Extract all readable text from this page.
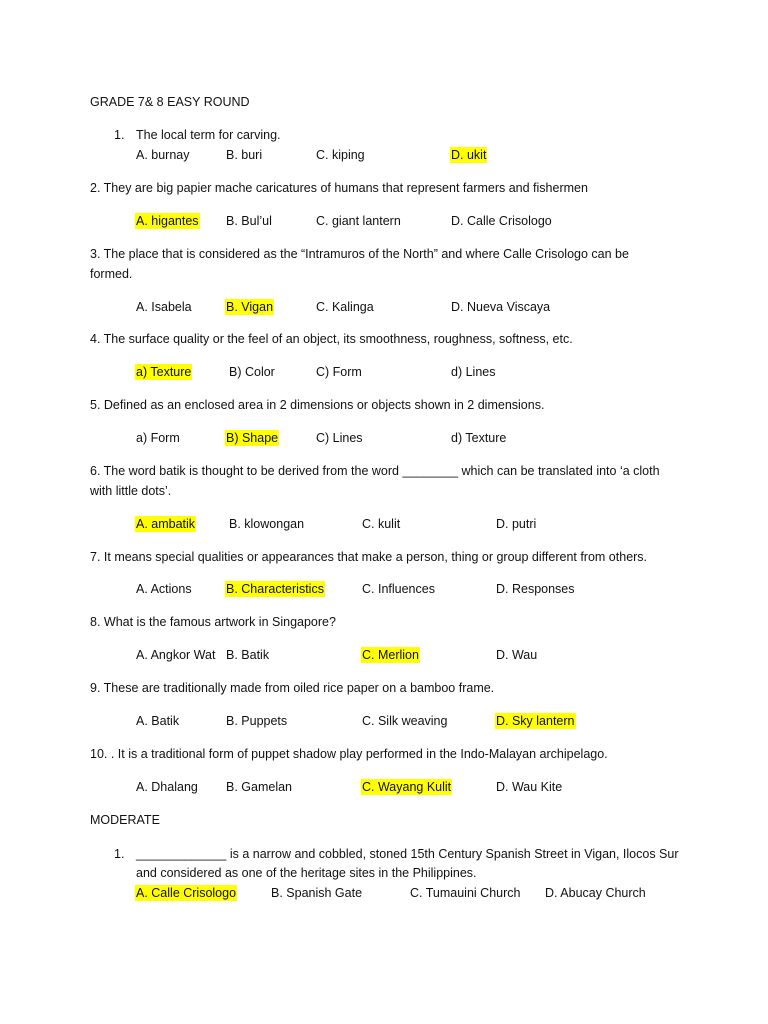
GRADE 7& 8 EASY ROUND
1. The local term for carving.
A. burnay	B. buri	C. kiping	D. ukit
2. They are big papier mache caricatures of humans that represent farmers and fishermen
A. higantes B. Bul’ul	C. giant lantern	D. Calle Crisologo
3. The place that is considered as the “Intramuros of the North” and where Calle Crisologo can be
formed.
A. Isabela	B. Vigan	C. Kalinga	D. Nueva Viscaya
4. The surface quality or the feel of an object, its smoothness, roughness, softness, etc.
a) Texture	B) Color	C) Form	d) Lines
5. Defined as an enclosed area in 2 dimensions or objects shown in 2 dimensions.
a) Form	B) Shape	C) Lines	d) Texture
6. The word batik is thought to be derived from the word ________ which can be translated into ‘a cloth
with little dots’.
A. ambatik	B. klowongan	C. kulit	D. putri
7. It means special qualities or appearances that make a person, thing or group different from others.
A. Actions	B. Characteristics	C. Influences	D. Responses
8. What is the famous artwork in Singapore?
A. Angkor Wat B. Batik	C. Merlion	D. Wau
9. These are traditionally made from oiled rice paper on a bamboo frame.
A. Batik	B. Puppets	C. Silk weaving	D. Sky lantern
10. . It is a traditional form of puppet shadow play performed in the Indo-Malayan archipelago.
A. Dhalang B. Gamelan	C. Wayang Kulit	D. Wau Kite
MODERATE
1. _____________ is a narrow and cobbled, stoned 15th Century Spanish Street in Vigan, Ilocos Sur
and considered as one of the heritage sites in the Philippines.
A. Calle Crisologo	B. Spanish Gate	C. Tumauini Church D. Abucay Church
